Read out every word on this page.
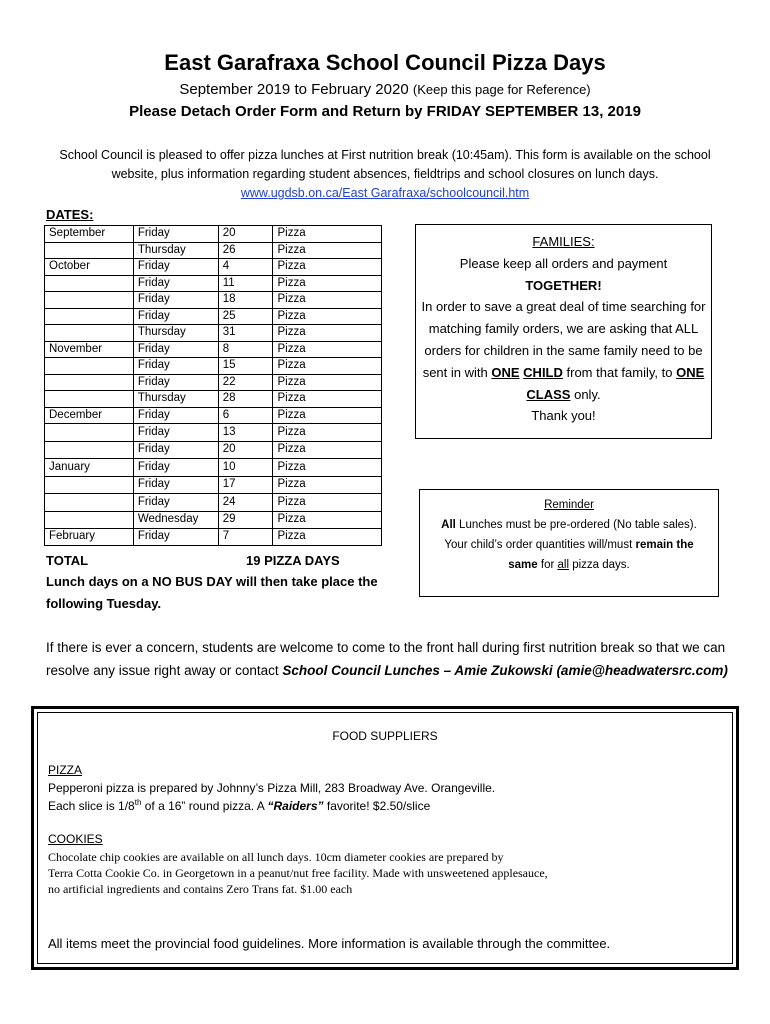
East Garafraxa School Council Pizza Days
September 2019 to February 2020 (Keep this page for Reference)
Please Detach Order Form and Return by FRIDAY SEPTEMBER 13, 2019
School Council is pleased to offer pizza lunches at First nutrition break (10:45am). This form is available on the school website, plus information regarding student absences, fieldtrips and school closures on lunch days.
www.ugdsb.on.ca/East Garafraxa/schoolcouncil.htm
DATES:
September	Friday	20	Pizza
	Thursday	26	Pizza
October	Friday	4	Pizza
	Friday	11	Pizza
	Friday	18	Pizza
	Friday	25	Pizza
	Thursday	31	Pizza
November	Friday	8	Pizza
	Friday	15	Pizza
	Friday	22	Pizza
	Thursday	28	Pizza
December	Friday	6	Pizza
	Friday	13	Pizza
	Friday	20	Pizza
January	Friday	10	Pizza
	Friday	17	Pizza
	Friday	24	Pizza
	Wednesday	29	Pizza
February	Friday	7	Pizza
TOTAL	19 PIZZA DAYS
Lunch days on a NO BUS DAY will then take place the following Tuesday.
FAMILIES:
Please keep all orders and payment
TOGETHER!
In order to save a great deal of time searching for matching family orders, we are asking that ALL orders for children in the same family need to be sent in with ONE CHILD from that family, to ONE CLASS only.
Thank you!
Reminder
All Lunches must be pre-ordered (No table sales).
Your child’s order quantities will/must remain the
same for all pizza days.
If there is ever a concern, students are welcome to come to the front hall during first nutrition break so that we can resolve any issue right away or contact School Council Lunches – Amie Zukowski (amie@headwatersrc.com)
FOOD SUPPLIERS
PIZZA
Pepperoni pizza is prepared by Johnny’s Pizza Mill, 283 Broadway Ave. Orangeville.
Each slice is 1/8th of a 16” round pizza. A “Raiders” favorite! $2.50/slice
COOKIES
Chocolate chip cookies are available on all lunch days. 10cm diameter cookies are prepared by
Terra Cotta Cookie Co. in Georgetown in a peanut/nut free facility. Made with unsweetened applesauce,
no artificial ingredients and contains Zero Trans fat. $1.00 each
All items meet the provincial food guidelines. More information is available through the committee.
